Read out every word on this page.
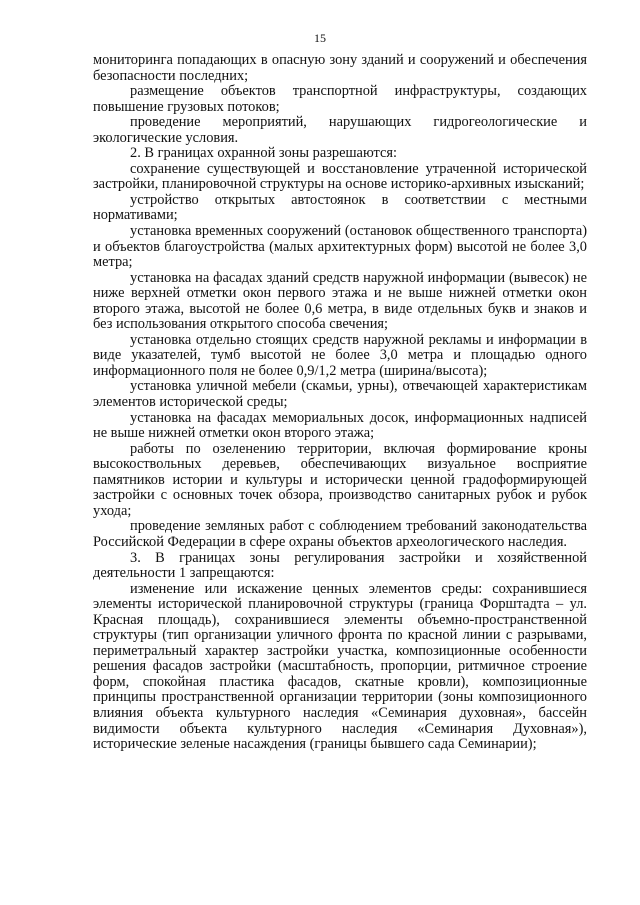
15

мониторинга попадающих в опасную зону зданий и сооружений и обеспечения безопасности последних;

размещение объектов транспортной инфраструктуры, создающих повышение грузовых потоков;

проведение мероприятий, нарушающих гидрогеологические и экологические условия.

2. В границах охранной зоны разрешаются:

сохранение существующей и восстановление утраченной исторической застройки, планировочной структуры на основе историко-архивных изысканий;

устройство открытых автостоянок в соответствии с местными нормативами;

установка временных сооружений (остановок общественного транспорта) и объектов благоустройства (малых архитектурных форм) высотой не более 3,0 метра;

установка на фасадах зданий средств наружной информации (вывесок) не ниже верхней отметки окон первого этажа и не выше нижней отметки окон второго этажа, высотой не более 0,6 метра, в виде отдельных букв и знаков и без использования открытого способа свечения;

установка отдельно стоящих средств наружной рекламы и информации в виде указателей, тумб высотой не более 3,0 метра и площадью одного информационного поля не более 0,9/1,2 метра (ширина/высота);

установка уличной мебели (скамьи, урны), отвечающей характеристикам элементов исторической среды;

установка на фасадах мемориальных досок, информационных надписей не выше нижней отметки окон второго этажа;

работы по озеленению территории, включая формирование кроны высокоствольных деревьев, обеспечивающих визуальное восприятие памятников истории и культуры и исторически ценной градоформирующей застройки с основных точек обзора, производство санитарных рубок и рубок ухода;

проведение земляных работ с соблюдением требований законодательства Российской Федерации в сфере охраны объектов археологического наследия.

3. В границах зоны регулирования застройки и хозяйственной деятельности 1 запрещаются:

изменение или искажение ценных элементов среды: сохранившиеся элементы исторической планировочной структуры (граница Форштадта – ул. Красная площадь), сохранившиеся элементы объемно-пространственной структуры (тип организации уличного фронта по красной линии с разрывами, периметральный характер застройки участка, композиционные особенности решения фасадов застройки (масштабность, пропорции, ритмичное строение форм, спокойная пластика фасадов, скатные кровли), композиционные принципы пространственной организации территории (зоны композиционного влияния объекта культурного наследия «Семинария духовная», бассейн видимости объекта культурного наследия «Семинария Духовная»), исторические зеленые насаждения (границы бывшего сада Семинарии);
